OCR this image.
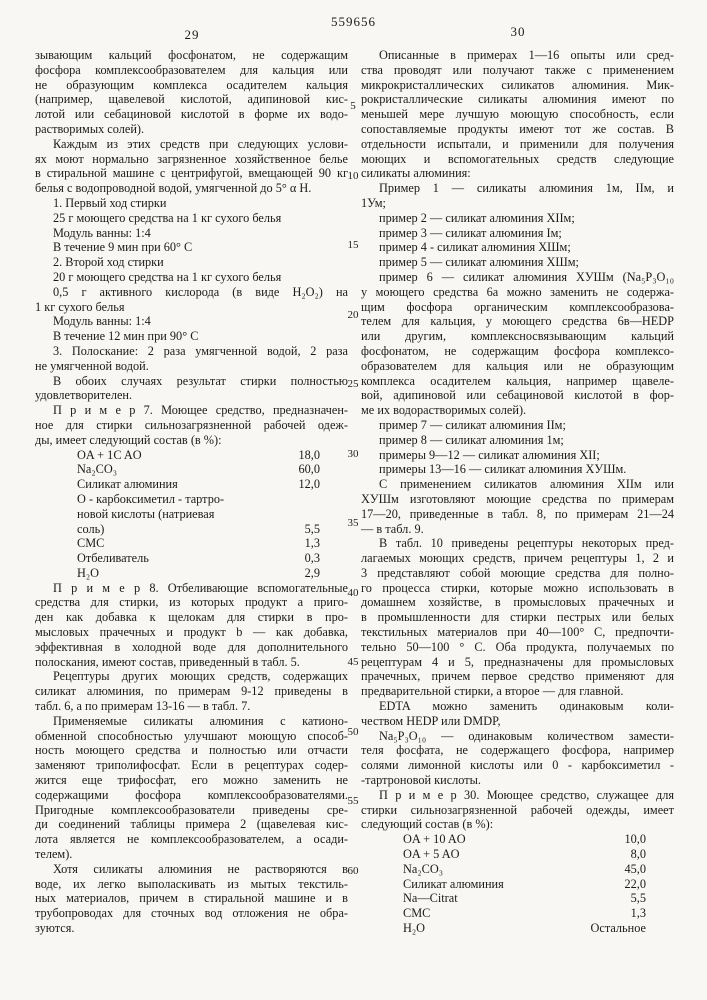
29
559656
30
зывающим кальций фосфонатом, не содержащим
фосфора комплексообразователем для кальция или
не образующим комплекса осадителем кальция
(например, щавелевой кислотой, адипиновой кис-
лотой или себациновой кислотой в форме их водо-
растворимых солей).
Каждым из этих средств при следующих услови-
ях моют нормально загрязненное хозяйственное белье
в стиральной машине с центрифугой, вмещающей 90 кг
белья с водопроводной водой, умягченной до 5° α H.
1. Первый ход стирки
25 г моющего средства на 1 кг сухого белья
Модуль ванны: 1:4
В течение 9 мин при 60° C
2. Второй ход стирки
20 г моющего средства на 1 кг сухого белья
0,5 г активного кислорода (в виде H₂O₂) на
1 кг сухого белья
Модуль ванны: 1:4
В течение 12 мин при 90° C
3. Полоскание: 2 раза умягченной водой, 2 раза
не умягченной водой.
В обоих случаях результат стирки полностью
удовлетворителен.
П р и м е р 7. Моющее средство, предназначен-
ное для стирки сильнозагрязненной рабочей одеж-
ды, имеет следующий состав (в %):
OA + 1C AO	18,0
Na₂CO₃	60,0
Силикат алюминия	12,0
О - карбоксиметил - тартро-
новой кислоты (натриевая
соль)	5,5
СМС	1,3
Отбеливатель	0,3
H₂O	2,9
П р и м е р 8. Отбеливающие вспомогательные
средства для стирки, из которых продукт а приго-
ден как добавка к щелокам для стирки в про-
мысловых прачечных и продукт b — как добавка,
эффективная в холодной воде для дополнительного
полоскания, имеют состав, приведенный в табл. 5.
Рецептуры других моющих средств, содержащих
силикат алюминия, по примерам 9-12 приведены в
табл. 6, а по примерам 13-16 — в табл. 7.
Применяемые силикаты алюминия с катионо-
обменной способностью улучшают моющую способ-
ность моющего средства и полностью или отчасти
заменяют триполифосфат. Если в рецептурах содер-
жится еще трифосфат, его можно заменить не
содержащими фосфора комплексообразователями.
Пригодные комплексообразователи приведены сре-
ди соединений таблицы примера 2 (щавелевая кис-
лота является не комплексообразователем, а осади-
телем).
Хотя силикаты алюминия не растворяются в
воде, их легко выполаскивать из мытых текстиль-
ных материалов, причем в стиральной машине и в
трубопроводах для сточных вод отложения не обра-
зуются.
5
10
15
20
25
30
35
40
45
50
55
60
Описанные в примерах 1—16 опыты или сред-
ства проводят или получают также с применением
микрокристаллических силикатов алюминия. Мик-
рокристаллические силикаты алюминия имеют по
меньшей мере лучшую моющую способность, если
сопоставляемые продукты имеют тот же состав. В
отдельности испытали, и применили для получения
моющих и вспомогательных средств следующие
силикаты алюминия:
Пример 1 — силикаты алюминия 1м, IIм, и
1Ум;
пример 2 — силикат алюминия XIIм;
пример 3 — силикат алюминия Iм;
пример 4 - силикат алюминия ХШм;
пример 5 — силикат алюминия ХШм;
пример 6 — силикат алюминия ХУШм (Na₅P₃O₁₀
у моющего средства 6а можно заменить не содержа-
щим фосфора органическим комплексообразова-
телем для кальция, у моющего средства 6в—HEDP
или другим, комплексносвязывающим кальций
фосфонатом, не содержащим фосфора комплексо-
образователем для кальция или не образующим
комплекса осадителем кальция, например щавеле-
вой, адипиновой или себациновой кислотой в фор-
ме их водорастворимых солей).
пример 7 — силикат алюминия IIм;
пример 8 — силикат алюминия 1м;
примеры 9—12 — силикат алюминия XII;
примеры 13—16 — силикат алюминия ХУШм.
С применением силикатов алюминия XIIм или
ХУШм изготовляют моющие средства по примерам
17—20, приведенные в табл. 8, по примерам 21—24
— в табл. 9.
В табл. 10 приведены рецептуры некоторых пред-
лагаемых моющих средств, причем рецептуры 1, 2 и
3 представляют собой моющие средства для полно-
го процесса стирки, которые можно использовать в
домашнем хозяйстве, в промысловых прачечных и
в промышленности для стирки пестрых или белых
текстильных материалов при 40—100° C, предпочти-
тельно 50—100 ° C. Оба продукта, получаемых по
рецептурам 4 и 5, предназначены для промысловых
прачечных, причем первое средство применяют для
предварительной стирки, а второе — для главной.
EDTA можно заменить одинаковым коли-
чеством HEDP или DMDP,
Na₅P₃O₁₀ — одинаковым количеством замести-
теля фосфата, не содержащего фосфора, например
солями лимонной кислоты или 0 - карбоксиметил -
-тартроновой кислоты.
П р и м е р 30. Моющее средство, служащее для
стирки сильнозагрязненной рабочей одежды, имеет
следующий состав (в %):
OA + 10 AO	10,0
OA + 5 AO	8,0
Na₂CO₃	45,0
Силикат алюминия	22,0
Na—Citrat	5,5
СМС	1,3
H₂O	Остальное
